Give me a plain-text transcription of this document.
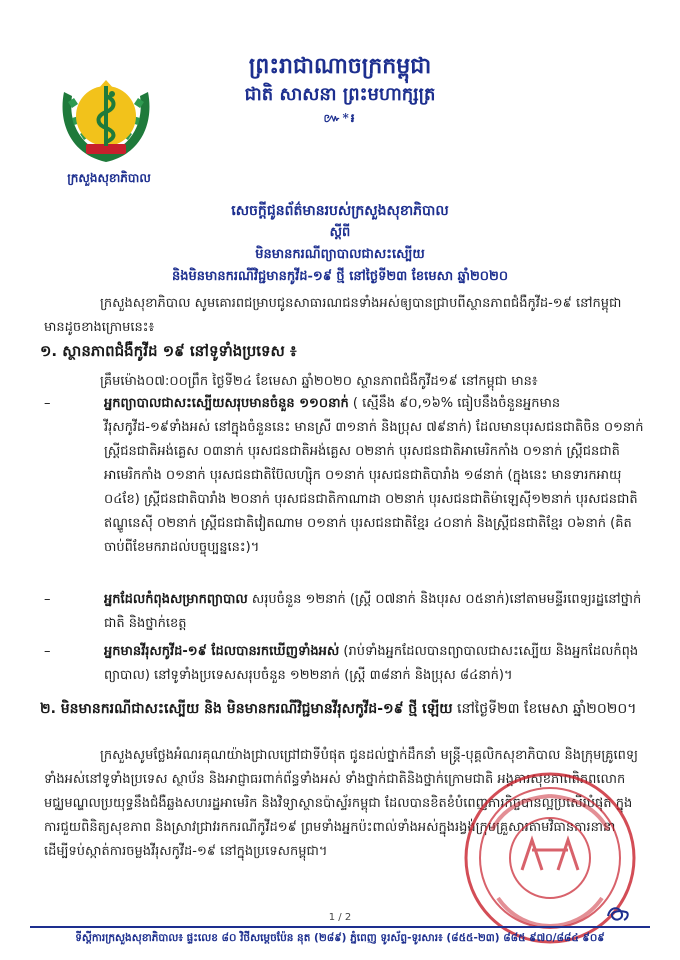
ព្រះរាជាណាចក្រកម្ពុជា
ជាតិ សាសនា ព្រះមហាក្សត្រ
៚*៛
ក្រសួងសុខាភិបាល
សេចក្តីជូនព័ត៌មានរបស់ក្រសួងសុខាភិបាល
ស្តីពី
មិនមានករណីព្យាបាលជាសះស្បើយ
និងមិនមានករណីវិជ្ជមានកូវីដ-១៩ ថ្មី នៅថ្ងៃទី២៣ ខែមេសា ឆ្នាំ២០២០
ក្រសួងសុខាភិបាល សូមគោរពជម្រាបជូនសាធារណជនទាំងអស់ឲ្យបានជ្រាបពីស្ថានភាពជំងឺកូវីដ-១៩ នៅកម្ពុជា មានដូចខាងក្រោមនេះ៖
១. ស្ថានភាពជំងឺកូវីដ ១៩ នៅទូទាំងប្រទេស ៖
គ្រឹមម៉ោង០៧:០០ព្រឹក ថ្ងៃទី២៤ ខែមេសា ឆ្នាំ២០២០ ស្ថានភាពជំងឺកូវីដ១៩ នៅកម្ពុជា មាន៖
–	អ្នកព្យាបាលជាសះស្បើយសរុបមានចំនួន ១១០នាក់ ( ស្មើនឹង ៩០,១៦% ធៀបនឹងចំនួនអ្នកមានវីរុសកូវីដ-១៩ទាំងអស់ នៅក្នុងចំនួននេះ មានស្រី ៣១នាក់ និងប្រុស ៧៩នាក់) ដែលមានបុរសជនជាតិចិន ០១នាក់ ស្ត្រីជនជាតិអង់គ្លេស ០៣នាក់ បុរសជនជាតិអង់គ្លេស ០២នាក់ បុរសជនជាតិអាមេរិកកាំង ០១នាក់ ស្ត្រីជនជាតិអាមេរិកកាំង ០១នាក់ បុរសជនជាតិប៊ែលហ្ស៊ិក ០១នាក់ បុរសជនជាតិបារាំង ១៨នាក់ (ក្នុងនេះ មានទារកអាយុ ០៤ខែ) ស្ត្រីជនជាតិបារាំង ២០នាក់ បុរសជនជាតិកាណាដា ០២នាក់ បុរសជនជាតិម៉ាឡេស៊ី១២នាក់ បុរសជនជាតិឥណ្ឌូនេស៊ី ០២នាក់ ស្ត្រីជនជាតិវៀតណាម ០១នាក់ បុរសជនជាតិខ្មែរ ៤០នាក់ និងស្ត្រីជនជាតិខ្មែរ ០៦នាក់ (គិតចាប់ពីខែមករាដល់បច្ចុប្បន្ននេះ)។
–	អ្នកដែលកំពុងសម្រាកព្យាបាល សរុបចំនួន ១២នាក់ (ស្ត្រី ០៧នាក់ និងបុរស ០៥នាក់)នៅតាមមន្ទីរពេទ្យរដ្ឋនៅថ្នាក់ជាតិ និងថ្នាក់ខេត្ត
–	អ្នកមានវីរុសកូវីដ-១៩ ដែលបានរកឃើញទាំងអស់ (រាប់ទាំងអ្នកដែលបានព្យាបាលជាសះស្បើយ និងអ្នកដែលកំពុងព្យាបាល) នៅទូទាំងប្រទេសសរុបចំនួន ១២២នាក់ (ស្ត្រី ៣៨នាក់ និងប្រុស ៨៤នាក់)។
២. មិនមានករណីជាសះស្បើយ និង មិនមានករណីវិជ្ជមានវីរុសកូវីដ-១៩ ថ្មី ឡើយ នៅថ្ងៃទី២៣ ខែមេសា ឆ្នាំ២០២០។
ក្រសួងសូមថ្លែងអំណរគុណយ៉ាងជ្រាលជ្រៅជាទីបំផុត ជូនដល់ថ្នាក់ដឹកនាំ មន្ត្រី-បុគ្គលិកសុខាភិបាល និងក្រុមគ្រូពេទ្យទាំងអស់នៅទូទាំងប្រទេស ស្ថាប័ន និងអាជ្ញាធរពាក់ព័ន្ធទាំងអស់ ទាំងថ្នាក់ជាតិនិងថ្នាក់ក្រោមជាតិ អង្គការសុខភាពពិភពលោក មជ្ឈមណ្ឌលប្រយុទ្ធនឹងជំងឺឆ្លងសហរដ្ឋអាមេរិក និងវិទ្យាស្ថានប៉ាស្ទ័រកម្ពុជា ដែលបានខិតខំបំពេញភារកិច្ចបានល្អប្រសើរបំផុត ក្នុងការជួយពិនិត្យសុខភាព និងស្រាវជ្រាវរកករណីកូវីដ១៩ ព្រមទាំងអ្នកប៉ះពាល់ទាំងអស់ក្នុងរង្វង់ក្រុមគ្រួសារតាមវិធានការនានា ដើម្បីទប់ស្កាត់ការចម្លងវីរុសកូវីដ-១៩ នៅក្នុងប្រទេសកម្ពុជា។
1 / 2
ទីស្តីការក្រសួងសុខាភិបាល៖ ផ្ទះលេខ ៨០ វិថីសម្តេចប៉ែន នុត (២៨៩) ភ្នំពេញ ទូរស័ព្ទ-ទូរសារ៖ (៨៥៥-២៣) ៨៨៥ ៩៧០/៨៨៤ ៩០៩
